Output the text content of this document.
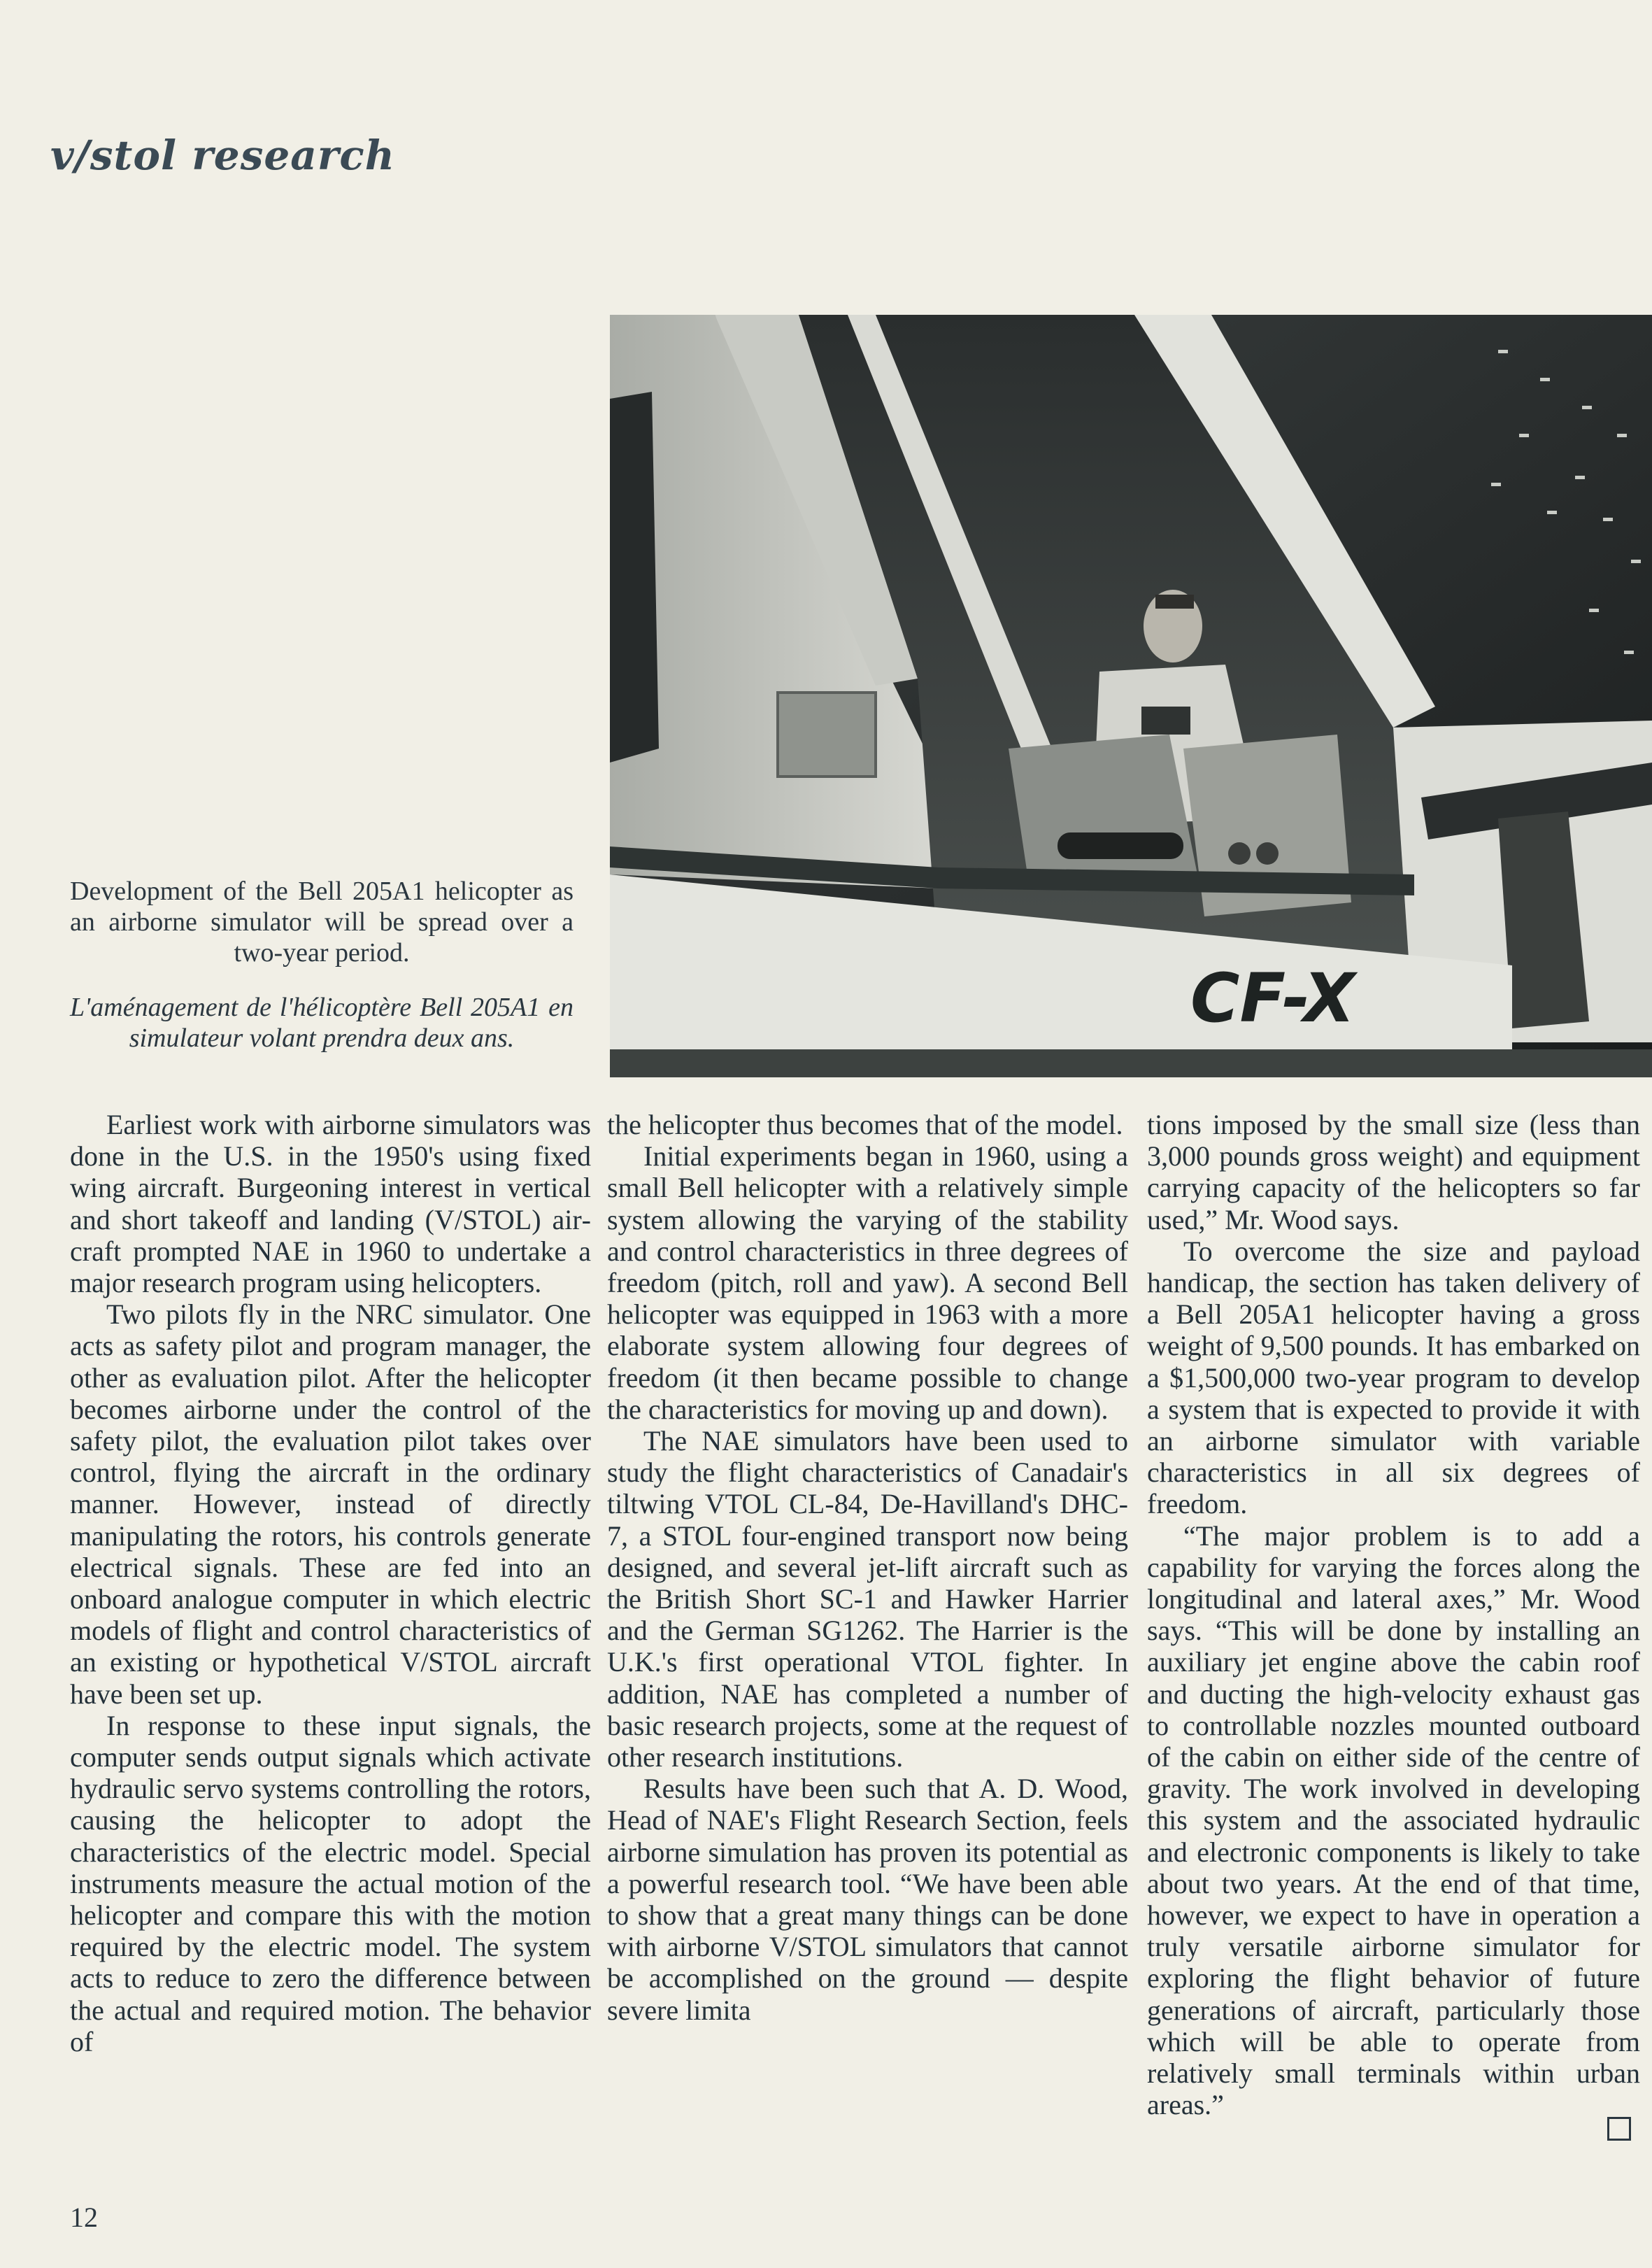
v/stol research
CF-X
Development of the Bell 205A1 helicopter as an airborne simulator will be spread over a two-year period.
L'aménagement de l'hélicoptère Bell 205A1 en simulateur volant prendra deux ans.

Earliest work with airborne simulators was done in the U.S. in the 1950's using fixed wing aircraft. Burgeoning interest in vertical and short takeoff and landing (V/STOL) aircraft prompted NAE in 1960 to undertake a major research program using helicopters.

Two pilots fly in the NRC simulator. One acts as safety pilot and program manager, the other as evaluation pilot. After the helicopter becomes airborne under the control of the safety pilot, the evaluation pilot takes over control, flying the aircraft in the ordinary manner. However, instead of directly manipulating the rotors, his controls generate electrical signals. These are fed into an onboard analogue computer in which electric models of flight and control characteristics of an existing or hypothetical V/STOL aircraft have been set up.

In response to these input signals, the computer sends output signals which activate hydraulic servo systems controlling the rotors, causing the helicopter to adopt the characteristics of the electric model. Special instruments measure the actual motion of the helicopter and compare this with the motion required by the electric model. The system acts to reduce to zero the difference between the actual and required motion. The behavior of

the helicopter thus becomes that of the model.

Initial experiments began in 1960, using a small Bell helicopter with a relatively simple system allowing the varying of the stability and control characteristics in three degrees of freedom (pitch, roll and yaw). A second Bell helicopter was equipped in 1963 with a more elaborate system allowing four degrees of freedom (it then became possible to change the characteristics for moving up and down).

The NAE simulators have been used to study the flight characteristics of Canadair's tiltwing VTOL CL-84, De-Havilland's DHC-7, a STOL four-engined transport now being designed, and several jet-lift aircraft such as the British Short SC-1 and Hawker Harrier and the German SG1262. The Harrier is the U.K.'s first operational VTOL fighter. In addition, NAE has completed a number of basic research projects, some at the request of other research institutions.

Results have been such that A. D. Wood, Head of NAE's Flight Research Section, feels airborne simulation has proven its potential as a powerful research tool. “We have been able to show that a great many things can be done with airborne V/STOL simulators that cannot be accomplished on the ground — despite severe limita

tions imposed by the small size (less than 3,000 pounds gross weight) and equipment carrying capacity of the helicopters so far used,” Mr. Wood says.

To overcome the size and payload handicap, the section has taken delivery of a Bell 205A1 helicopter having a gross weight of 9,500 pounds. It has embarked on a $1,500,000 two-year program to develop a system that is expected to provide it with an airborne simulator with variable characteristics in all six degrees of freedom.

“The major problem is to add a capability for varying the forces along the longitudinal and lateral axes,” Mr. Wood says. “This will be done by installing an auxiliary jet engine above the cabin roof and ducting the high-velocity exhaust gas to controllable nozzles mounted outboard of the cabin on either side of the centre of gravity. The work involved in developing this system and the associated hydraulic and electronic components is likely to take about two years. At the end of that time, however, we expect to have in operation a truly versatile airborne simulator for exploring the flight behavior of future generations of aircraft, particularly those which will be able to operate from relatively small terminals within urban areas.”

12
